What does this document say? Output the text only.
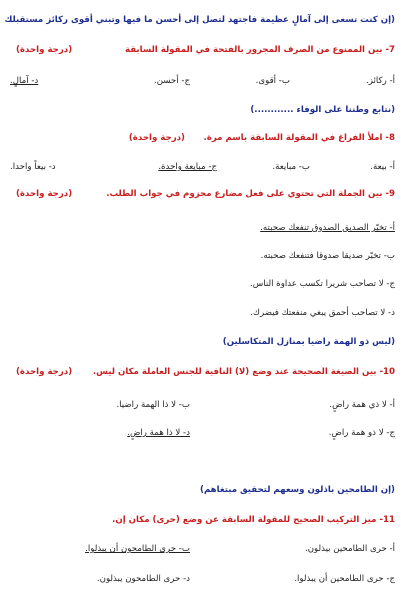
(إن كنت تسعى إلى آمالٍ عظيمة فاجتهد لتصل إلى أحسن ما فيها وتبني أقوى ركائز مستقبلك
7- بين الممنوع من الصرف المجرور بالفتحة في المقولة السابقة
(درجة واحدة)
أ- ركائز.
ب- أقوى.
ج- أحسن.
د- آمالٍ.
(نتابع وطننا على الوفاء ............)
8- املأ الفراغ في المقولة السابقة باسم مرة.
(درجة واحدة)
أ- بيعة.
ب- مبايعة.
ج- مبايعة واحدة.
د- بيعاً واحدا.
9- بين الجملة التي تحتوي على فعل مضارع مجزوم في جواب الطلب.
(درجة واحدة)
أ- تخيّر الصديق الصدوق تنفعك صحبته.
ب- تخيّر صديقا صدوقا فتنفعك صحبته.
ج- لا تصاحب شريرا تكسب عداوة الناس.
د- لا تصاحب أحمق يبغي منفعتك فيضرك.
(ليس ذو الهمة راضيا بمنازل المتكاسلين)
10- بين الصيغة الصحيحة عند وضع (لا) النافية للجنس العاملة مكان ليس.
(درجة واحدة)
أ- لا ذي همة راضٍ.
ب- لا ذا الهمة راضيا.
ج- لا ذو همة راضٍ.
د- لا ذا همة راضٍ.
(إن الطامحين باذلون وسعهم لتحقيق مبتغاهم)
11- ميز التركيب الصحيح للمقولة السابقة عن وضع (حرى) مكان إن.
أ- حرى الطامحين بيذلون.
ب- حرى الطامحون أن يبذلوا.
ج- حرى الطامحين أن يبذلوا.
د- حرى الطامحون يبذلون.
